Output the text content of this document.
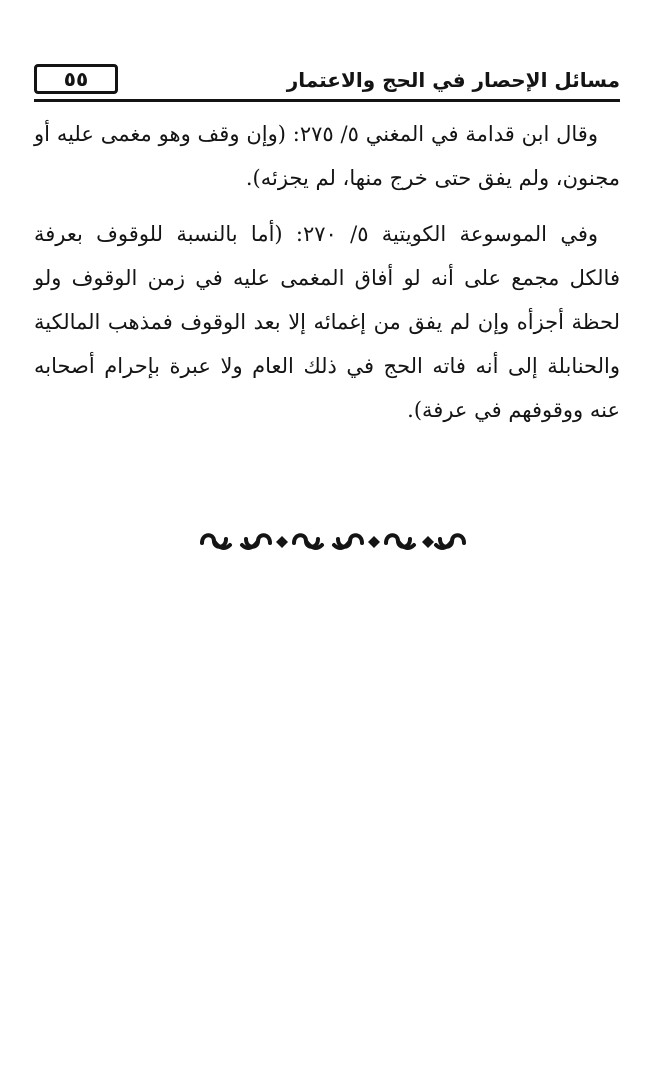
٥٥	مسائل الإحصار في الحج والاعتمار

وقال ابن قدامة في المغني ٥/ ٢٧٥: (وإن وقف وهو مغمى عليه أو مجنون، ولم يفق حتى خرج منها، لم يجزئه).

وفي الموسوعة الكويتية ٥/ ٢٧٠: (أما بالنسبة للوقوف بعرفة فالكل مجمع على أنه لو أفاق المغمى عليه في زمن الوقوف ولو لحظة أجزأه وإن لم يفق من إغمائه إلا بعد الوقوف فمذهب المالكية والحنابلة إلى أنه فاته الحج في ذلك العام ولا عبرة بإحرام أصحابه عنه ووقوفهم في عرفة).
